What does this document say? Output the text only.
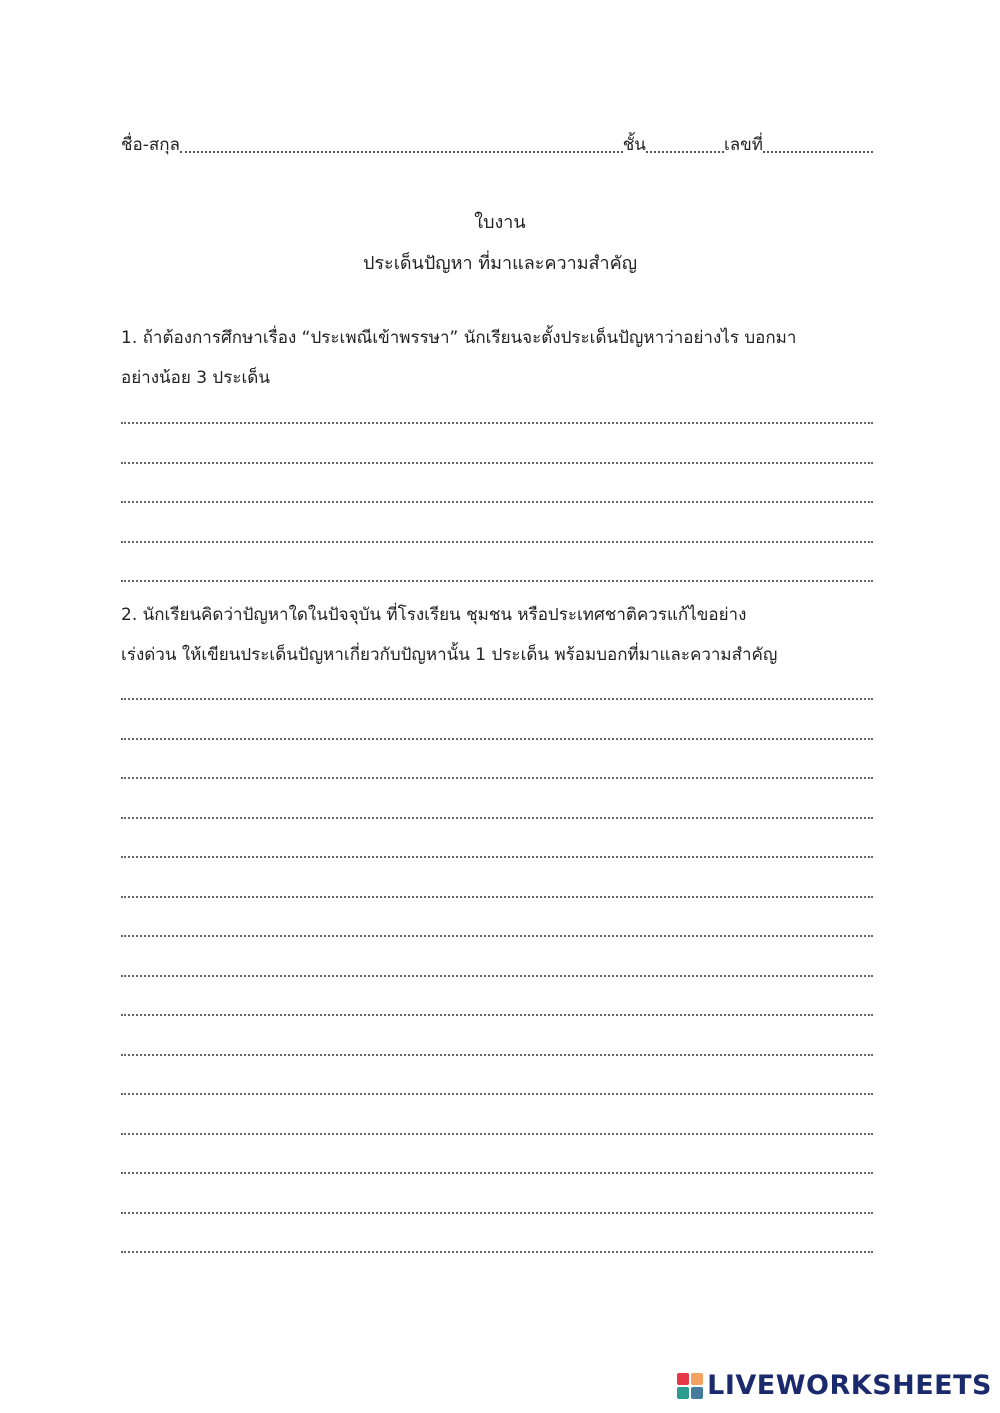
ชื่อ-สกุล	ชั้น	เลขที่
ใบงาน
ประเด็นปัญหา ที่มาและความสำคัญ
1. ถ้าต้องการศึกษาเรื่อง “ประเพณีเข้าพรรษา” นักเรียนจะตั้งประเด็นปัญหาว่าอย่างไร บอกมา
อย่างน้อย 3 ประเด็น
2. นักเรียนคิดว่าปัญหาใดในปัจจุบัน ที่โรงเรียน ชุมชน หรือประเทศชาติควรแก้ไขอย่าง
เร่งด่วน ให้เขียนประเด็นปัญหาเกี่ยวกับปัญหานั้น 1 ประเด็น พร้อมบอกที่มาและความสำคัญ
LIVEWORKSHEETS
